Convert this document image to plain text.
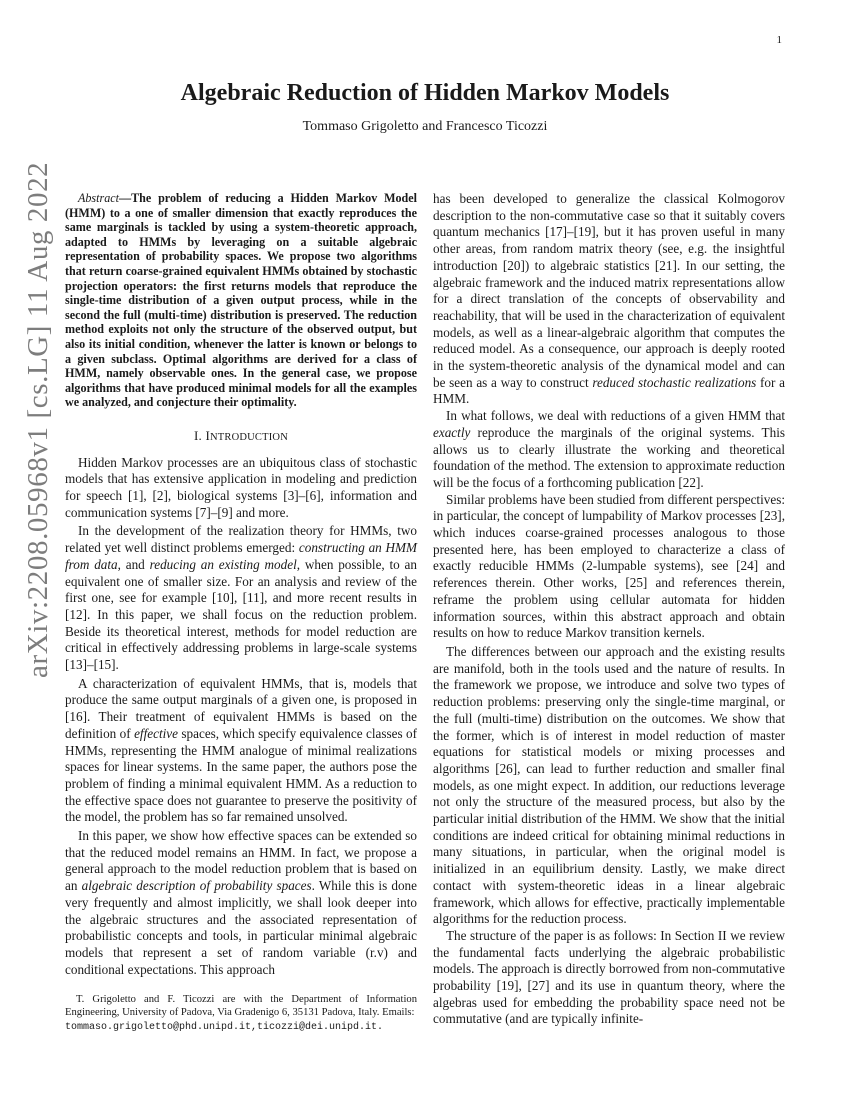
1
arXiv:2208.05968v1 [cs.LG] 11 Aug 2022
Algebraic Reduction of Hidden Markov Models
Tommaso Grigoletto and Francesco Ticozzi

Abstract—The problem of reducing a Hidden Markov Model (HMM) to a one of smaller dimension that exactly reproduces the same marginals is tackled by using a system-theoretic approach, adapted to HMMs by leveraging on a suitable algebraic representation of probability spaces. We propose two algorithms that return coarse-grained equivalent HMMs obtained by stochastic projection operators: the first returns models that reproduce the single-time distribution of a given output process, while in the second the full (multi-time) distribution is preserved. The reduction method exploits not only the structure of the observed output, but also its initial condition, whenever the latter is known or belongs to a given subclass. Optimal algorithms are derived for a class of HMM, namely observable ones. In the general case, we propose algorithms that have produced minimal models for all the examples we analyzed, and conjecture their optimality.

I. INTRODUCTION

Hidden Markov processes are an ubiquitous class of stochastic models that has extensive application in modeling and prediction for speech [1], [2], biological systems [3]–[6], information and communication systems [7]–[9] and more.

In the development of the realization theory for HMMs, two related yet well distinct problems emerged: constructing an HMM from data, and reducing an existing model, when possible, to an equivalent one of smaller size. For an analysis and review of the first one, see for example [10], [11], and more recent results in [12]. In this paper, we shall focus on the reduction problem. Beside its theoretical interest, methods for model reduction are critical in effectively addressing problems in large-scale systems [13]–[15].

A characterization of equivalent HMMs, that is, models that produce the same output marginals of a given one, is proposed in [16]. Their treatment of equivalent HMMs is based on the definition of effective spaces, which specify equivalence classes of HMMs, representing the HMM analogue of minimal realizations spaces for linear systems. In the same paper, the authors pose the problem of finding a minimal equivalent HMM. As a reduction to the effective space does not guarantee to preserve the positivity of the model, the problem has so far remained unsolved.

In this paper, we show how effective spaces can be extended so that the reduced model remains an HMM. In fact, we propose a general approach to the model reduction problem that is based on an algebraic description of probability spaces. While this is done very frequently and almost implicitly, we shall look deeper into the algebraic structures and the associated representation of probabilistic concepts and tools, in particular minimal algebraic models that represent a set of random variable (r.v) and conditional expectations. This approach

T. Grigoletto and F. Ticozzi are with the Department of Information Engineering, University of Padova, Via Gradenigo 6, 35131 Padova, Italy. Emails:
tommaso.grigoletto@phd.unipd.it,ticozzi@dei.unipd.it.

has been developed to generalize the classical Kolmogorov description to the non-commutative case so that it suitably covers quantum mechanics [17]–[19], but it has proven useful in many other areas, from random matrix theory (see, e.g. the insightful introduction [20]) to algebraic statistics [21]. In our setting, the algebraic framework and the induced matrix representations allow for a direct translation of the concepts of observability and reachability, that will be used in the characterization of equivalent models, as well as a linear-algebraic algorithm that computes the reduced model. As a consequence, our approach is deeply rooted in the system-theoretic analysis of the dynamical model and can be seen as a way to construct reduced stochastic realizations for a HMM.

In what follows, we deal with reductions of a given HMM that exactly reproduce the marginals of the original systems. This allows us to clearly illustrate the working and theoretical foundation of the method. The extension to approximate reduction will be the focus of a forthcoming publication [22].

Similar problems have been studied from different perspectives: in particular, the concept of lumpability of Markov processes [23], which induces coarse-grained processes analogous to those presented here, has been employed to characterize a class of exactly reducible HMMs (2-lumpable systems), see [24] and references therein. Other works, [25] and references therein, reframe the problem using cellular automata for hidden information sources, within this abstract approach and obtain results on how to reduce Markov transition kernels.

The differences between our approach and the existing results are manifold, both in the tools used and the nature of results. In the framework we propose, we introduce and solve two types of reduction problems: preserving only the single-time marginal, or the full (multi-time) distribution on the outcomes. We show that the former, which is of interest in model reduction of master equations for statistical models or mixing processes and algorithms [26], can lead to further reduction and smaller final models, as one might expect. In addition, our reductions leverage not only the structure of the measured process, but also by the particular initial distribution of the HMM. We show that the initial conditions are indeed critical for obtaining minimal reductions in many situations, in particular, when the original model is initialized in an equilibrium density. Lastly, we make direct contact with system-theoretic ideas in a linear algebraic framework, which allows for effective, practically implementable algorithms for the reduction process.

The structure of the paper is as follows: In Section II we review the fundamental facts underlying the algebraic probabilistic models. The approach is directly borrowed from non-commutative probability [19], [27] and its use in quantum theory, where the algebras used for embedding the probability space need not be commutative (and are typically infinite-
